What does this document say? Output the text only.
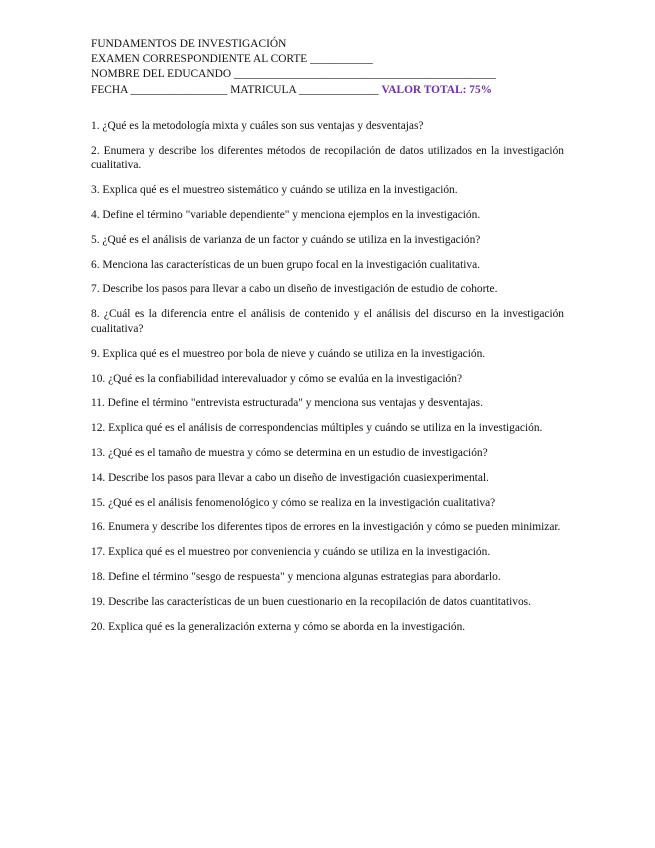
FUNDAMENTOS DE INVESTIGACIÓN
EXAMEN CORRESPONDIENTE AL CORTE ___________
NOMBRE DEL EDUCANDO ______________________________________________
FECHA _________________ MATRICULA ______________ VALOR TOTAL: 75%

1. ¿Qué es la metodología mixta y cuáles son sus ventajas y desventajas?

2. Enumera y describe los diferentes métodos de recopilación de datos utilizados en la investigación cualitativa.

3. Explica qué es el muestreo sistemático y cuándo se utiliza en la investigación.

4. Define el término "variable dependiente" y menciona ejemplos en la investigación.

5. ¿Qué es el análisis de varianza de un factor y cuándo se utiliza en la investigación?

6. Menciona las características de un buen grupo focal en la investigación cualitativa.

7. Describe los pasos para llevar a cabo un diseño de investigación de estudio de cohorte.

8. ¿Cuál es la diferencia entre el análisis de contenido y el análisis del discurso en la investigación cualitativa?

9. Explica qué es el muestreo por bola de nieve y cuándo se utiliza en la investigación.

10. ¿Qué es la confiabilidad interevaluador y cómo se evalúa en la investigación?

11. Define el término "entrevista estructurada" y menciona sus ventajas y desventajas.

12. Explica qué es el análisis de correspondencias múltiples y cuándo se utiliza en la investigación.

13. ¿Qué es el tamaño de muestra y cómo se determina en un estudio de investigación?

14. Describe los pasos para llevar a cabo un diseño de investigación cuasiexperimental.

15. ¿Qué es el análisis fenomenológico y cómo se realiza en la investigación cualitativa?

16. Enumera y describe los diferentes tipos de errores en la investigación y cómo se pueden minimizar.

17. Explica qué es el muestreo por conveniencia y cuándo se utiliza en la investigación.

18. Define el término "sesgo de respuesta" y menciona algunas estrategias para abordarlo.

19. Describe las características de un buen cuestionario en la recopilación de datos cuantitativos.

20. Explica qué es la generalización externa y cómo se aborda en la investigación.
